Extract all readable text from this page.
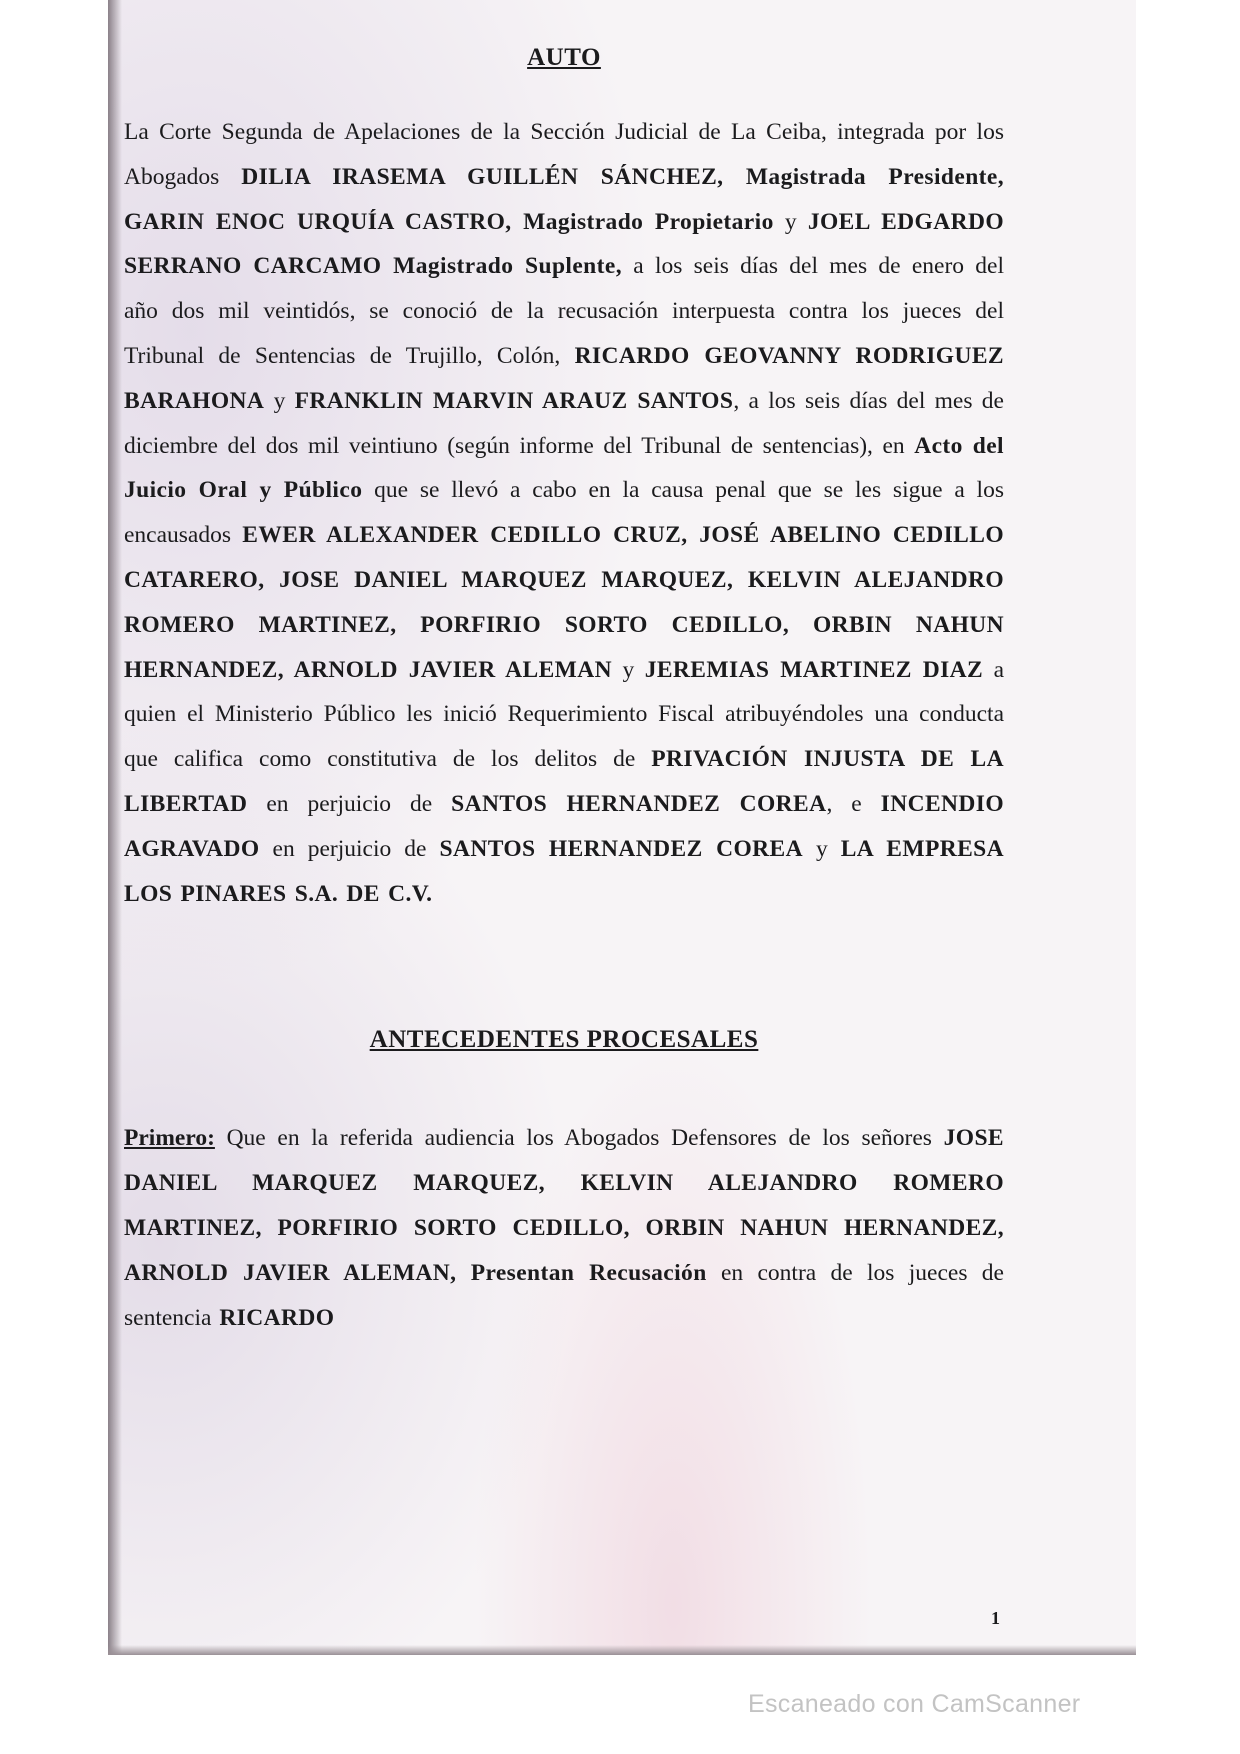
AUTO

La Corte Segunda de Apelaciones de la Sección Judicial de La Ceiba, integrada por los Abogados DILIA IRASEMA GUILLÉN SÁNCHEZ, Magistrada Presidente, GARIN ENOC URQUÍA CASTRO, Magistrado Propietario y JOEL EDGARDO SERRANO CARCAMO Magistrado Suplente, a los seis días del mes de enero del año dos mil veintidós, se conoció de la recusación interpuesta contra los jueces del Tribunal de Sentencias de Trujillo, Colón, RICARDO GEOVANNY RODRIGUEZ BARAHONA y FRANKLIN MARVIN ARAUZ SANTOS, a los seis días del mes de diciembre del dos mil veintiuno (según informe del Tribunal de sentencias), en Acto del Juicio Oral y Público que se llevó a cabo en la causa penal que se les sigue a los encausados EWER ALEXANDER CEDILLO CRUZ, JOSÉ ABELINO CEDILLO CATARERO, JOSE DANIEL MARQUEZ MARQUEZ, KELVIN ALEJANDRO ROMERO MARTINEZ, PORFIRIO SORTO CEDILLO, ORBIN NAHUN HERNANDEZ, ARNOLD JAVIER ALEMAN y JEREMIAS MARTINEZ DIAZ a quien el Ministerio Público les inició Requerimiento Fiscal atribuyéndoles una conducta que califica como constitutiva de los delitos de PRIVACIÓN INJUSTA DE LA LIBERTAD en perjuicio de SANTOS HERNANDEZ COREA, e INCENDIO AGRAVADO en perjuicio de SANTOS HERNANDEZ COREA y LA EMPRESA LOS PINARES S.A. DE C.V.

ANTECEDENTES PROCESALES

Primero: Que en la referida audiencia los Abogados Defensores de los señores JOSE DANIEL MARQUEZ MARQUEZ, KELVIN ALEJANDRO ROMERO MARTINEZ, PORFIRIO SORTO CEDILLO, ORBIN NAHUN HERNANDEZ, ARNOLD JAVIER ALEMAN, Presentan Recusación en contra de los jueces de sentencia RICARDO

1
Escaneado con CamScanner
